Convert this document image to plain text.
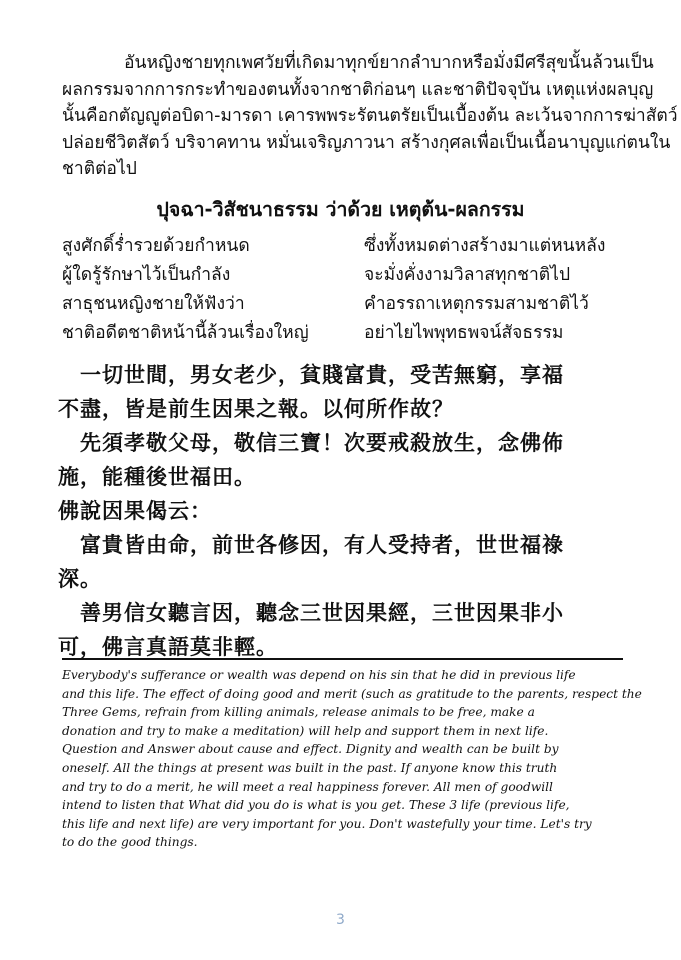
อันหญิงชายทุกเพศวัยที่เกิดมาทุกข์ยากลำบากหรือมั่งมีศรีสุขนั้นล้วนเป็น

ผลกรรมจากการกระทำของตนทั้งจากชาติก่อนๆ และชาติปัจจุบัน เหตุแห่งผลบุญ

นั้นคือกตัญญูต่อบิดา-มารดา เคารพพระรัตนตรัยเป็นเบื้องต้น ละเว้นจากการฆ่าสัตว์

ปล่อยชีวิตสัตว์ บริจาคทาน หมั่นเจริญภาวนา สร้างกุศลเพื่อเป็นเนื้อนาบุญแก่ตนใน

ชาติต่อไป

ปุจฉา-วิสัชนาธรรม ว่าด้วย เหตุต้น-ผลกรรม
สูงศักดิ์ร่ำรวยด้วยกำหนด	ซึ่งทั้งหมดต่างสร้างมาแต่หนหลัง
ผู้ใดรู้รักษาไว้เป็นกำลัง	จะมั่งคั่งงามวิลาสทุกชาติไป
สาธุชนหญิงชายให้ฟังว่า	คำอรรถาเหตุกรรมสามชาติไว้
ชาติอดีตชาติหน้านี้ล้วนเรื่องใหญ่	อย่าไยไพพุทธพจน์สัจธรรม

　一切世間，男女老少，貧賤富貴，受苦無窮，享福

不盡，皆是前生因果之報。以何所作故？

　先須孝敬父母，敬信三寶！次要戒殺放生，念佛佈

施，能種後世福田。

佛說因果偈云：

　富貴皆由命，前世各修因，有人受持者，世世福祿

深。

　善男信女聽言因，聽念三世因果經，三世因果非小

可，佛言真語莫非輕。

Everybody's sufferance or wealth was depend on his sin that he did in previous life

and this life. The effect of doing good and merit (such as gratitude to the parents, respect the

Three Gems, refrain from killing animals, release animals to be free, make a

donation and try to make a meditation) will help and support them in next life.

Question and Answer about cause and effect. Dignity and wealth can be built by

oneself. All the things at present was built in the past. If anyone know this truth

and try to do a merit, he will meet a real happiness forever. All men of goodwill

intend to listen that What did you do is what is you get. These 3 life (previous life,

this life and next life) are very important for you. Don't wastefully your time. Let's try

to do the good things.

3
